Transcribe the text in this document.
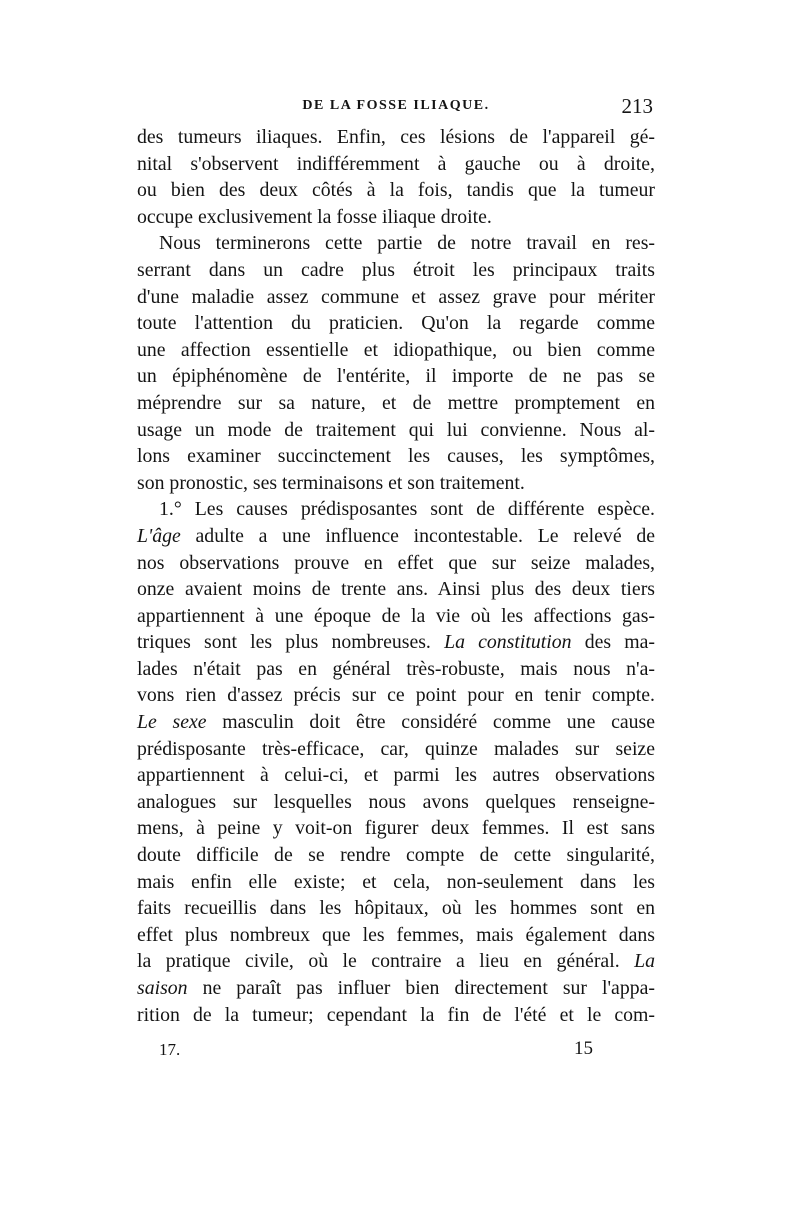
DE LA FOSSE ILIAQUE.	213
des tumeurs iliaques. Enfin, ces lésions de l'appareil gé-
nital s'observent indifféremment à gauche ou à droite,
ou bien des deux côtés à la fois, tandis que la tumeur
occupe exclusivement la fosse iliaque droite.
Nous terminerons cette partie de notre travail en res-
serrant dans un cadre plus étroit les principaux traits
d'une maladie assez commune et assez grave pour mériter
toute l'attention du praticien. Qu'on la regarde comme
une affection essentielle et idiopathique, ou bien comme
un épiphénomène de l'entérite, il importe de ne pas se
méprendre sur sa nature, et de mettre promptement en
usage un mode de traitement qui lui convienne. Nous al-
lons examiner succinctement les causes, les symptômes,
son pronostic, ses terminaisons et son traitement.
1.° Les causes prédisposantes sont de différente espèce.
L'âge adulte a une influence incontestable. Le relevé de
nos observations prouve en effet que sur seize malades,
onze avaient moins de trente ans. Ainsi plus des deux tiers
appartiennent à une époque de la vie où les affections gas-
triques sont les plus nombreuses. La constitution des ma-
lades n'était pas en général très-robuste, mais nous n'a-
vons rien d'assez précis sur ce point pour en tenir compte.
Le sexe masculin doit être considéré comme une cause
prédisposante très-efficace, car, quinze malades sur seize
appartiennent à celui-ci, et parmi les autres observations
analogues sur lesquelles nous avons quelques renseigne-
mens, à peine y voit-on figurer deux femmes. Il est sans
doute difficile de se rendre compte de cette singularité,
mais enfin elle existe; et cela, non-seulement dans les
faits recueillis dans les hôpitaux, où les hommes sont en
effet plus nombreux que les femmes, mais également dans
la pratique civile, où le contraire a lieu en général. La
saison ne paraît pas influer bien directement sur l'appa-
rition de la tumeur; cependant la fin de l'été et le com-
17.	15
